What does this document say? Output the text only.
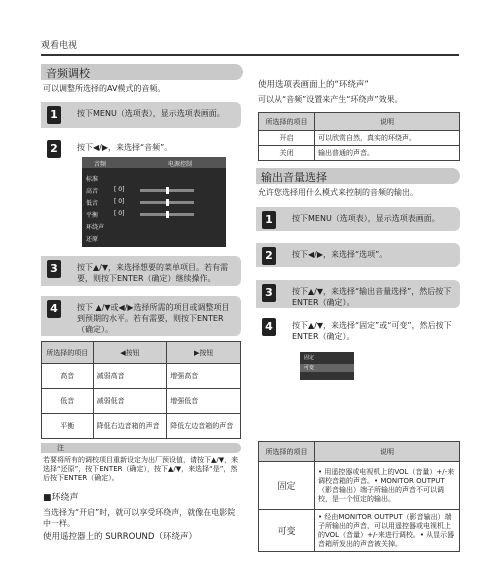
观看电视
音频调校
可以调整所选择的AV模式的音频。
1	按下MENU（选项表），显示选项表画面。
2	按下◀/▶，来选择“音频”。
音频	电源控制
标准
高音
低音
平衡
环绕声
还原
[ 0]
[ 0]
[ 0]
3	按下▲/▼，来选择想要的菜单项目。若有需要，则按下ENTER（确定）继续操作。
4	按下 ▲/▼或◀/▶选择所需的项目或调整项目到预期的水平。若有需要，则按下ENTER（确定）。
所选择的项目	◀按钮	▶按钮
高音	减弱高音	增强高音
低音	减弱低音	增强低音
平衡	降低右边音箱的声音	降低左边音箱的声音
注
若要将所有的调校项目重新设定为出厂预设值，请按下▲/▼，来选择“还原”，按下ENTER（确定），按下▲/▼，来选择“是”，然后按下ENTER（确定）。
■环绕声
当选择为“开启”时，就可以享受环绕声，就像在电影院中一样。
使用遥控器上的 SURROUND（环绕声）
使用选项表画面上的“环绕声”
可以从“音频”设置来产生“环绕声”效果。
所选择的项目	说明
开启	可以欣赏自然，真实的环绕声。
关闭	输出普通的声音。
输出音量选择
允许您选择用什么模式来控制的音频的输出。
1	按下MENU（选项表），显示选项表画面。
2	按下◀/▶，来选择“选项”。
3	按下▲/▼，来选择“输出音量选择”，然后按下 ENTER（确定）。
4	按下▲/▼，来选择“固定”或“可变”，然后按下 ENTER（确定）。
固定
可变
所选择的项目	说明
固定	• 用遥控器或电视机上的VOL（音量）+/-来调校音箱的声音。• MONITOR OUTPUT（影音输出）端子所输出的声音不可以调校，是一个恒定的输出。
可变	• 经由MONITOR OUTPUT（影音输出）端子所输出的声音，可以用遥控器或电视机上的VOL（音量）+/-来进行调校。• 从显示器音箱所发出的声音被关掉。
